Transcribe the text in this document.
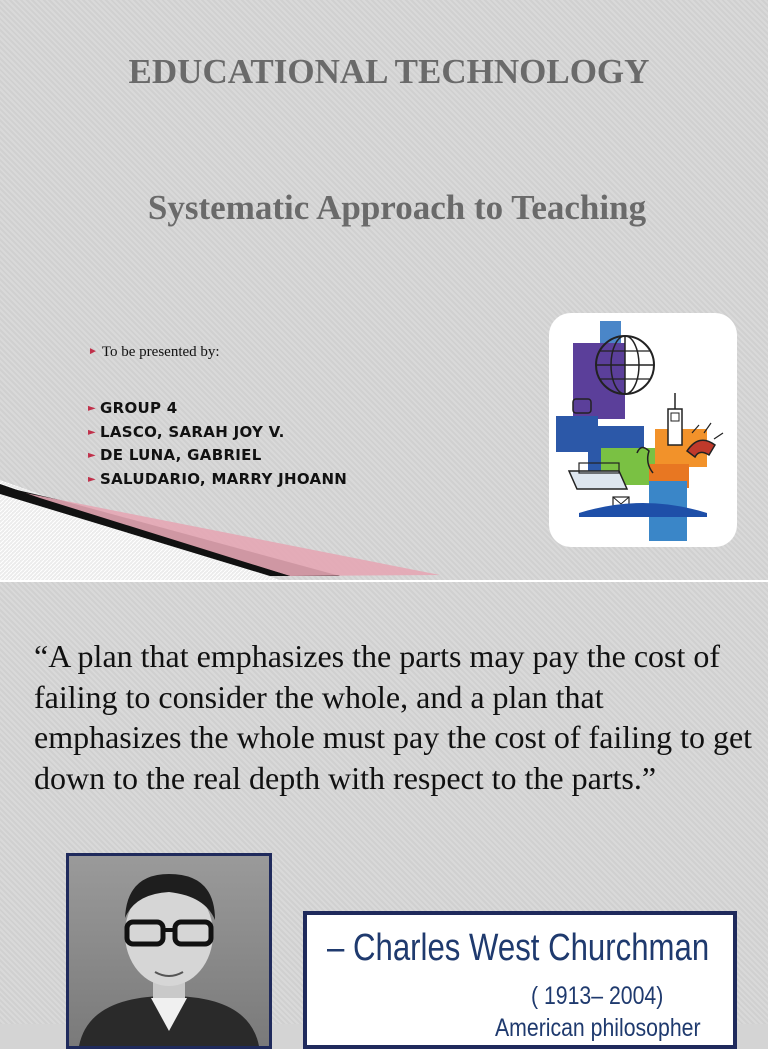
EDUCATIONAL TECHNOLOGY
Systematic Approach to Teaching
► To be presented by:
► GROUP 4
► LASCO, SARAH JOY V.
► DE LUNA, GABRIEL
► SALUDARIO, MARRY JHOANN

“A plan that emphasizes the parts may pay the cost of failing to consider the whole, and a plan that emphasizes the whole must pay the cost of failing to get down to the real depth with respect to the parts.”

– Charles West Churchman
( 1913– 2004)
American philosopher
